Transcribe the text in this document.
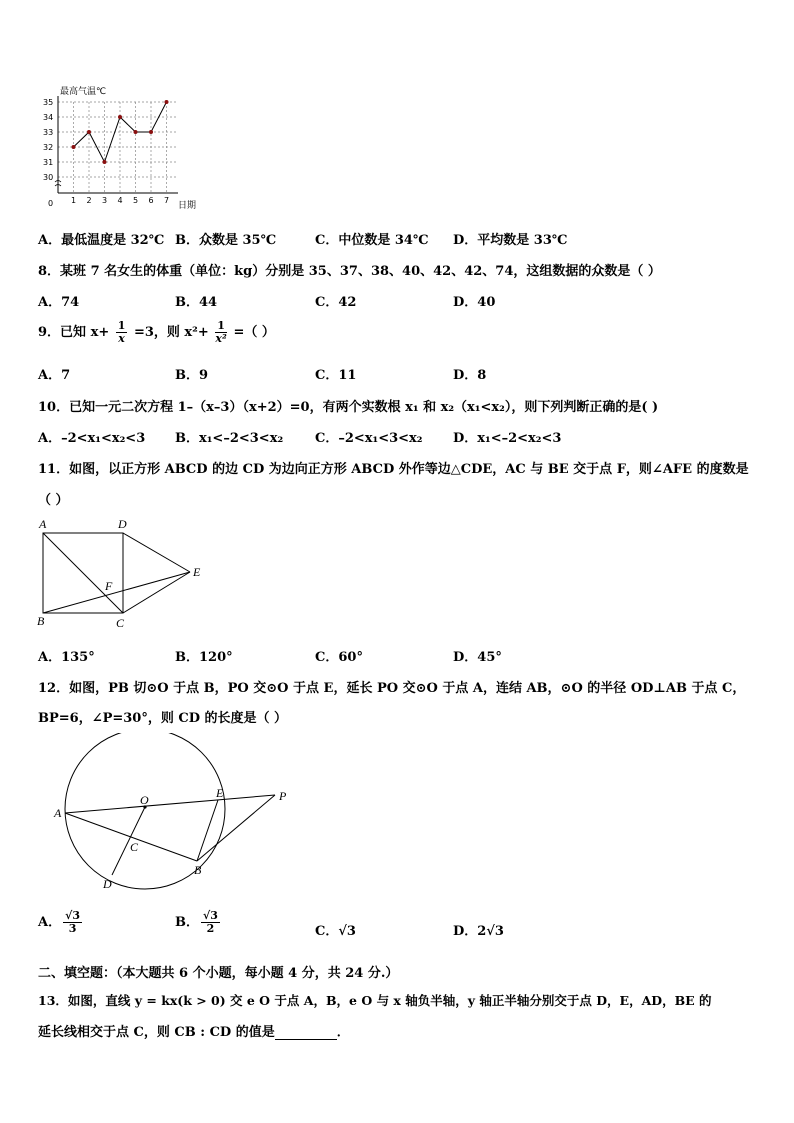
最高气温℃
30
31
32
33
34
35
1 2 3 4 5 6 7
0	日期
A．最低温度是 32℃ B．众数是 35℃	C．中位数是 34℃ D．平均数是 33℃
8．某班 7 名女生的体重（单位：kg）分别是 35、37、38、40、42、42、74，这组数据的众数是（ ）
A．74	B．44	C．42	D．40
9．已知 $x+ \frac{1}{x} =3$，则 $x^2+ \frac{1}{\text{x²}}$ =（ ）
A．7	B．9	C．11	D．8
10．已知一元二次方程 1–（x–3）（x+2）=0，有两个实数根 x₁ 和 x₂（x₁<x₂），则下列判断正确的是( )
A．–2<x₁<x₂<3 B．x₁<–2<3<x₂ C．–2<x₁<3<x₂ D．x₁<–2<x₂<3
11．如图，以正方形 ABCD 的边 CD 为边向正方形 ABCD 外作等边△CDE，AC 与 BE 交于点 F，则∠AFE 的度数是
（ ）
A	D
E
F
B	C
A．135°	B．120°	C．60°	D．45°
12．如图，PB 切⊙O 于点 B，PO 交⊙O 于点 E，延长 PO 交⊙O 于点 A，连结 AB，⊙O 的半径 OD⊥AB 于点 C，
BP=6，∠P=30°，则 CD 的长度是（ ）
A
O	E	P
C
B
D
A． $\frac{√3}{3}$	B． $\frac{√3}{2}$	C．√3	D．2√3
二、填空题：（本大题共 6 个小题，每小题 4 分，共 24 分.）
13．如图，直线 y = kx(k > 0) 交 e O 于点 A，B，e O 与 x 轴负半轴，y 轴正半轴分别交于点 D，E，AD，BE 的
延长线相交于点 C，则 CB : CD 的值是	．
